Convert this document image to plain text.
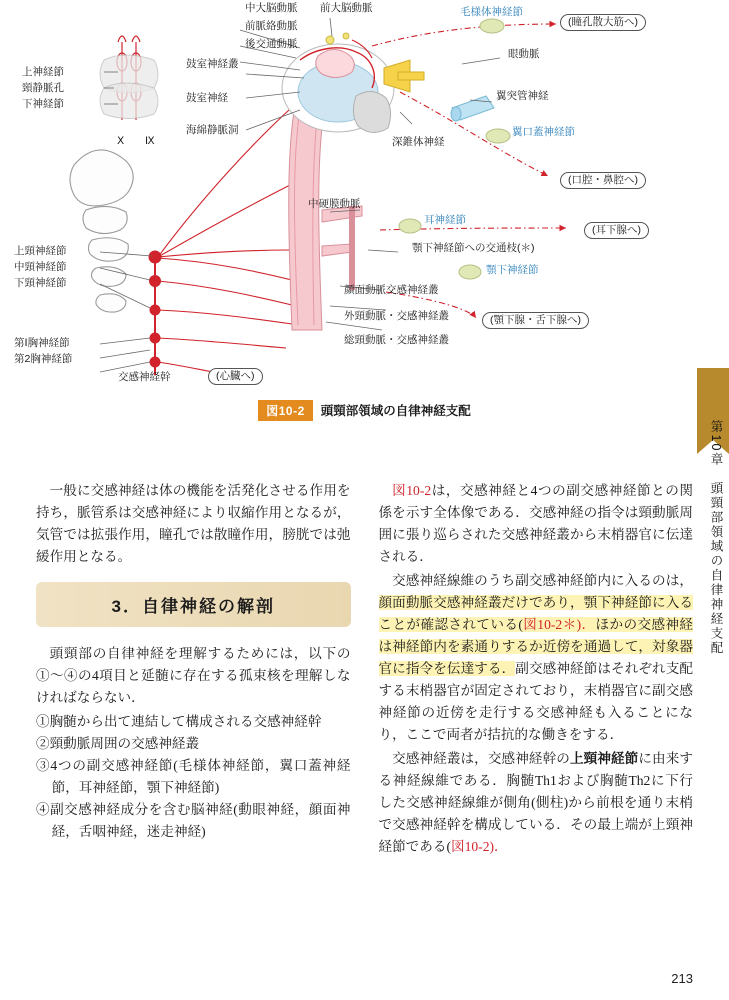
上神経節
頸静脈孔
下神経節
Ⅹ Ⅸ
上頸神経節
中頸神経節
下頸神経節
第Ⅰ胸神経節
第2胸神経節
交感神経幹	(心臓へ)
中大脳動脈
前脈絡動脈
後交通動脈
前大脳動脈	毛様体神経節
(瞳孔散大筋へ)
眼動脈
鼓室神経叢
鼓室神経
海綿静脈洞
深錐体神経
翼突管神経
翼口蓋神経節
(口腔・鼻腔へ)
中硬膜動脈
耳神経節
(耳下腺へ)
顎下神経節への交通枝(＊)
顎下神経節
顔面動脈交感神経叢
外頸動脈・交感神経叢
総頸動脈・交感神経叢
(顎下腺・舌下腺へ)
図10-2 頭頸部領域の自律神経支配
第10章　頭頸部領域の自律神経支配

一般に交感神経は体の機能を活発化させる作用を持ち，脈管系は交感神経により収縮作用となるが，気管では拡張作用，瞳孔では散瞳作用，膀胱では弛緩作用となる。

3．自律神経の解剖

頭頸部の自律神経を理解するためには，以下の①〜④の4項目と延髄に存在する孤束核を理解しなければならない．

①胸髄から出て連結して構成される交感神経幹
②頸動脈周囲の交感神経叢
③4つの副交感神経節(毛様体神経節，翼口蓋神経節，耳神経節，顎下神経節)
④副交感神経成分を含む脳神経(動眼神経，顔面神経，舌咽神経，迷走神経)

図10-2は，交感神経と4つの副交感神経節との関係を示す全体像である．交感神経の指令は頸動脈周囲に張り巡らされた交感神経叢から末梢器官に伝達される．

交感神経線維のうち副交感神経節内に入るのは，顔面動脈交感神経叢だけであり，顎下神経節に入ることが確認されている(図10-2＊)．ほかの交感神経は神経節内を素通りするか近傍を通過して，対象器官に指令を伝達する．副交感神経節はそれぞれ支配する末梢器官が固定されており，末梢器官に副交感神経節の近傍を走行する交感神経も入ることになり，ここで両者が拮抗的な働きをする．

交感神経叢は，交感神経幹の上頸神経節に由来する神経線維である．胸髄Th1および胸髄Th2に下行した交感神経線維が側角(側柱)から前根を通り末梢で交感神経幹を構成している．その最上端が上頸神経節である(図10-2)．

213
